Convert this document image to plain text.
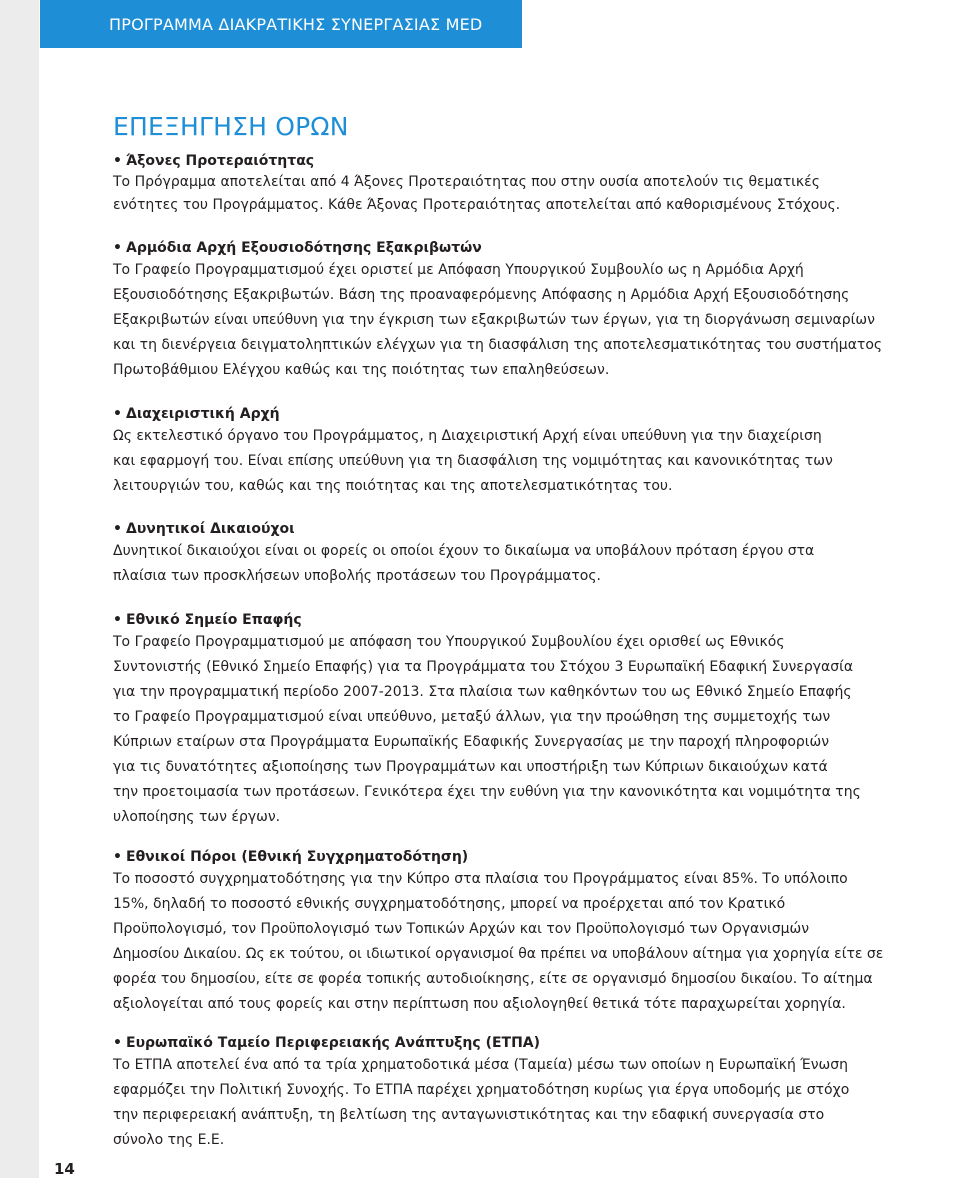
ΠΡΟΓΡΑΜΜΑ ΔΙΑΚΡΑΤΙΚΗΣ ΣΥΝΕΡΓΑΣΙΑΣ MED
ΕΠΕΞΗΓΗΣΗ ΟΡΩΝ
• Άξονες Προτεραιότητας
Το Πρόγραμμα αποτελείται από 4 Άξονες Προτεραιότητας που στην ουσία αποτελούν τις θεματικές
ενότητες του Προγράμματος. Κάθε Άξονας Προτεραιότητας αποτελείται από καθορισμένους Στόχους.
• Αρμόδια Αρχή Εξουσιοδότησης Εξακριβωτών
Το Γραφείο Προγραμματισμού έχει οριστεί με Απόφαση Υπουργικού Συμβουλίο ως η Αρμόδια Αρχή
Εξουσιοδότησης Εξακριβωτών. Βάση της προαναφερόμενης Απόφασης η Αρμόδια Αρχή Εξουσιοδότησης
Εξακριβωτών είναι υπεύθυνη για την έγκριση των εξακριβωτών των έργων, για τη διοργάνωση σεμιναρίων
και τη διενέργεια δειγματοληπτικών ελέγχων για τη διασφάλιση της αποτελεσματικότητας του συστήματος
Πρωτοβάθμιου Ελέγχου καθώς και της ποιότητας των επαληθεύσεων.
• Διαχειριστική Αρχή
Ως εκτελεστικό όργανο του Προγράμματος, η Διαχειριστική Αρχή είναι υπεύθυνη για την διαχείριση
και εφαρμογή του. Είναι επίσης υπεύθυνη για τη διασφάλιση της νομιμότητας και κανονικότητας των
λειτουργιών του, καθώς και της ποιότητας και της αποτελεσματικότητας του.
• Δυνητικοί Δικαιούχοι
Δυνητικοί δικαιούχοι είναι οι φορείς οι οποίοι έχουν το δικαίωμα να υποβάλουν πρόταση έργου στα
πλαίσια των προσκλήσεων υποβολής προτάσεων του Προγράμματος.
• Εθνικό Σημείο Επαφής
Το Γραφείο Προγραμματισμού με απόφαση του Υπουργικού Συμβουλίου έχει ορισθεί ως Εθνικός
Συντονιστής (Εθνικό Σημείο Επαφής) για τα Προγράμματα του Στόχου 3 Ευρωπαϊκή Εδαφική Συνεργασία
για την προγραμματική περίοδο 2007-2013. Στα πλαίσια των καθηκόντων του ως Εθνικό Σημείο Επαφής
το Γραφείο Προγραμματισμού είναι υπεύθυνο, μεταξύ άλλων, για την προώθηση της συμμετοχής των
Κύπριων εταίρων στα Προγράμματα Ευρωπαϊκής Εδαφικής Συνεργασίας με την παροχή πληροφοριών
για τις δυνατότητες αξιοποίησης των Προγραμμάτων και υποστήριξη των Κύπριων δικαιούχων κατά
την προετοιμασία των προτάσεων. Γενικότερα έχει την ευθύνη για την κανονικότητα και νομιμότητα της
υλοποίησης των έργων.
• Εθνικοί Πόροι (Εθνική Συγχρηματοδότηση)
Το ποσοστό συγχρηματοδότησης για την Κύπρο στα πλαίσια του Προγράμματος είναι 85%. Το υπόλοιπο
15%, δηλαδή το ποσοστό εθνικής συγχρηματοδότησης, μπορεί να προέρχεται από τον Κρατικό
Προϋπολογισμό, τον Προϋπολογισμό των Τοπικών Αρχών και τον Προϋπολογισμό των Οργανισμών
Δημοσίου Δικαίου. Ως εκ τούτου, οι ιδιωτικοί οργανισμοί θα πρέπει να υποβάλουν αίτημα για χορηγία είτε σε
φορέα του δημοσίου, είτε σε φορέα τοπικής αυτοδιοίκησης, είτε σε οργανισμό δημοσίου δικαίου. Το αίτημα
αξιολογείται από τους φορείς και στην περίπτωση που αξιολογηθεί θετικά τότε παραχωρείται χορηγία.
• Ευρωπαϊκό Ταμείο Περιφερειακής Ανάπτυξης (ΕΤΠΑ)
Το ΕΤΠΑ αποτελεί ένα από τα τρία χρηματοδοτικά μέσα (Ταμεία) μέσω των οποίων η Ευρωπαϊκή Ένωση
εφαρμόζει την Πολιτική Συνοχής. Το ΕΤΠΑ παρέχει χρηματοδότηση κυρίως για έργα υποδομής με στόχο
την περιφερειακή ανάπτυξη, τη βελτίωση της ανταγωνιστικότητας και την εδαφική συνεργασία στο
σύνολο της Ε.Ε.
14
